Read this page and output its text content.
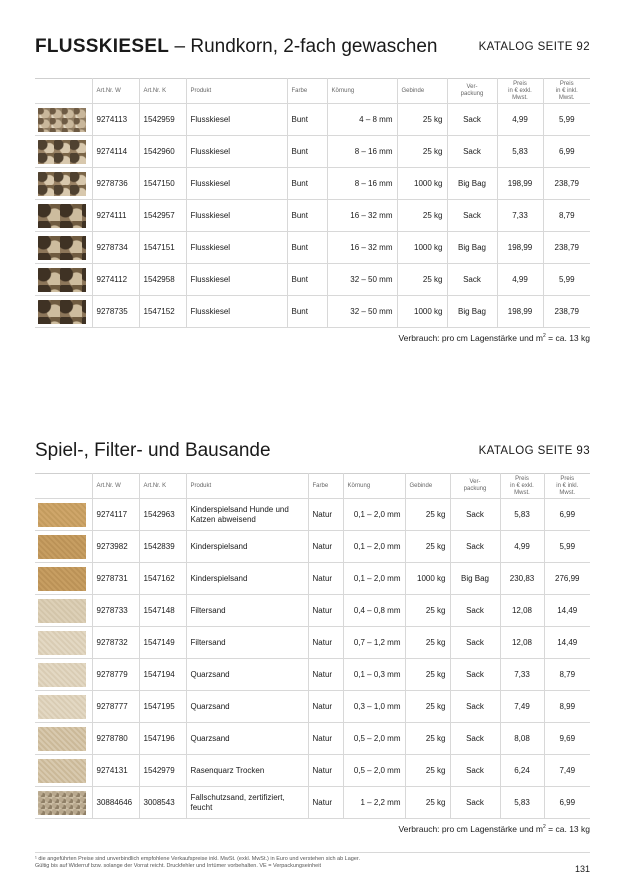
FLUSSKIESEL – Rundkorn, 2-fach gewaschen	KATALOG SEITE 92
	Art.Nr. W	Art.Nr. K	Produkt	Farbe	Körnung	Gebinde	Ver-
packung	Preis
in € exkl.
Mwst.	Preis
in € inkl.
Mwst.

	9274113	1542959	Flusskiesel	Bunt	4 – 8 mm	25 kg	Sack	4,99	5,99

	9274114	1542960	Flusskiesel	Bunt	8 – 16 mm	25 kg	Sack	5,83	6,99

	9278736	1547150	Flusskiesel	Bunt	8 – 16 mm	1000 kg	Big Bag	198,99	238,79

	9274111	1542957	Flusskiesel	Bunt	16 – 32 mm	25 kg	Sack	7,33	8,79

	9278734	1547151	Flusskiesel	Bunt	16 – 32 mm	1000 kg	Big Bag	198,99	238,79

	9274112	1542958	Flusskiesel	Bunt	32 – 50 mm	25 kg	Sack	4,99	5,99

	9278735	1547152	Flusskiesel	Bunt	32 – 50 mm	1000 kg	Big Bag	198,99	238,79
Verbrauch: pro cm Lagenstärke und $m^2$ = ca. 13 kg
Spiel-, Filter- und Bausande	KATALOG SEITE 93
	Art.Nr. W	Art.Nr. K	Produkt	Farbe	Körnung	Gebinde	Ver-
packung	Preis
in € exkl.
Mwst.	Preis
in € inkl.
Mwst.

	9274117	1542963	Kinderspielsand Hunde und Katzen abweisend	Natur	0,1 – 2,0 mm	25 kg	Sack	5,83	6,99

	9273982	1542839	Kinderspielsand	Natur	0,1 – 2,0 mm	25 kg	Sack	4,99	5,99

	9278731	1547162	Kinderspielsand	Natur	0,1 – 2,0 mm	1000 kg	Big Bag	230,83	276,99

	9278733	1547148	Filtersand	Natur	0,4 – 0,8 mm	25 kg	Sack	12,08	14,49

	9278732	1547149	Filtersand	Natur	0,7 – 1,2 mm	25 kg	Sack	12,08	14,49

	9278779	1547194	Quarzsand	Natur	0,1 – 0,3 mm	25 kg	Sack	7,33	8,79

	9278777	1547195	Quarzsand	Natur	0,3 – 1,0 mm	25 kg	Sack	7,49	8,99

	9278780	1547196	Quarzsand	Natur	0,5 – 2,0 mm	25 kg	Sack	8,08	9,69

	9274131	1542979	Rasenquarz Trocken	Natur	0,5 – 2,0 mm	25 kg	Sack	6,24	7,49

	30884646	3008543	Fallschutzsand, zertifiziert, feucht	Natur	1 – 2,2 mm	25 kg	Sack	5,83	6,99
Verbrauch: pro cm Lagenstärke und $m^2$ = ca. 13 kg
¹ die angeführten Preise sind unverbindlich empfohlene Verkaufspreise inkl. MwSt. (exkl. MwSt.) in Euro und verstehen sich ab Lager.
Gültig bis auf Widerruf bzw. solange der Vorrat reicht. Druckfehler und Irrtümer vorbehalten. VE = Verpackungseinheit	131
